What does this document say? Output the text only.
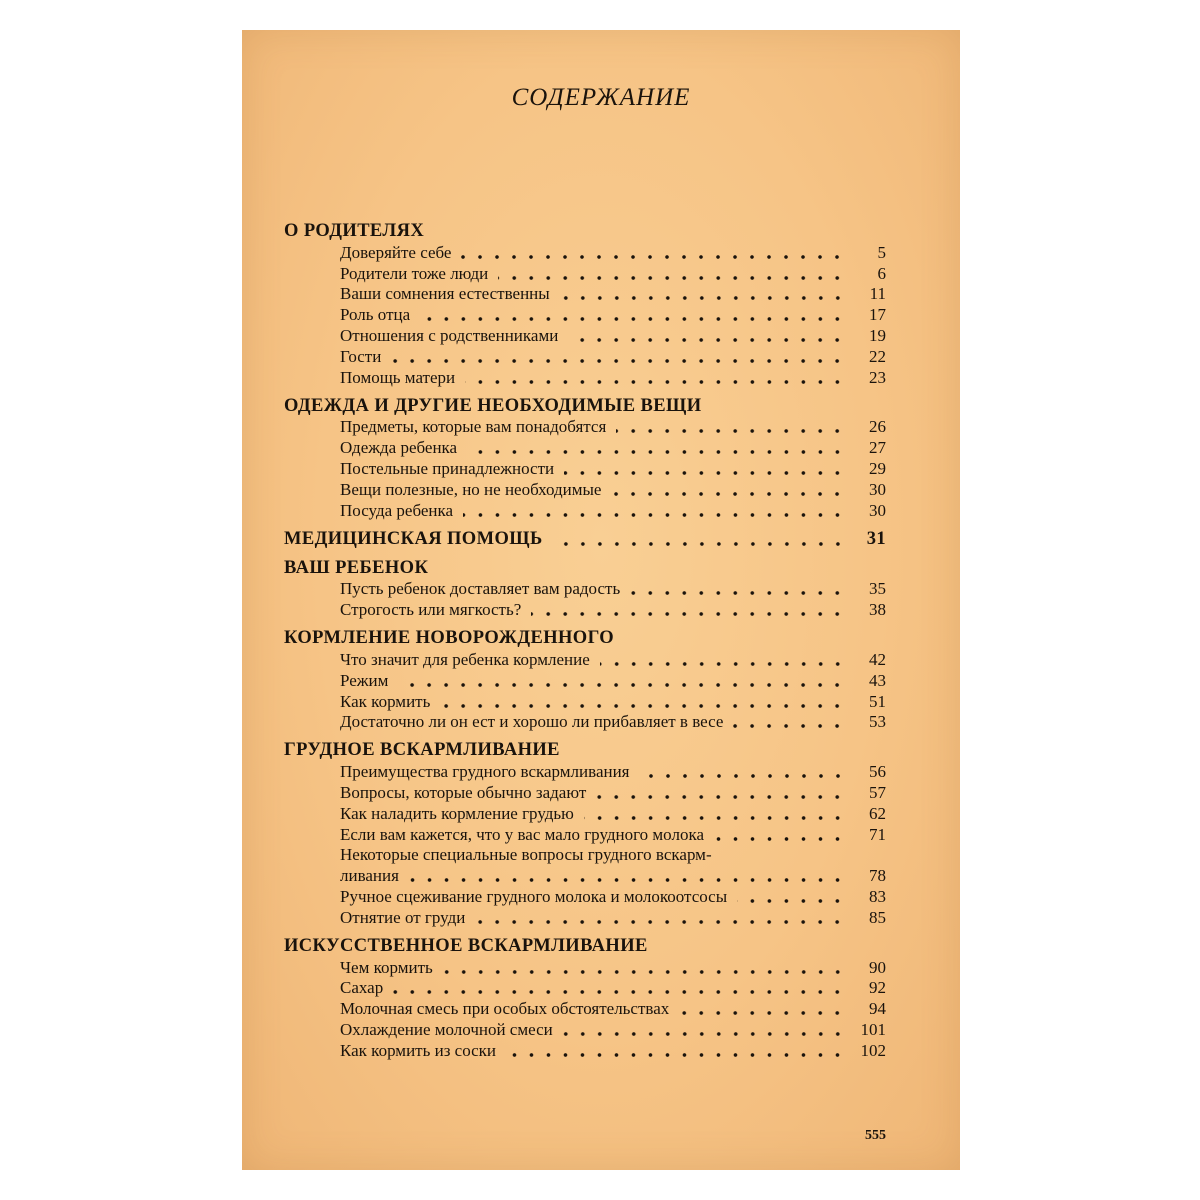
СОДЕРЖАНИЕ
О РОДИТЕЛЯХ
Доверяйте себе	5
Родители тоже люди	6
Ваши сомнения естественны	11
Роль отца	17
Отношения с родственниками	19
Гости	22
Помощь матери	23
ОДЕЖДА И ДРУГИЕ НЕОБХОДИМЫЕ ВЕЩИ
Предметы, которые вам понадобятся	26
Одежда ребенка	27
Постельные принадлежности	29
Вещи полезные, но не необходимые	30
Посуда ребенка	30
МЕДИЦИНСКАЯ ПОМОЩЬ	31
ВАШ РЕБЕНОК
Пусть ребенок доставляет вам радость	35
Строгость или мягкость?	38
КОРМЛЕНИЕ НОВОРОЖДЕННОГО
Что значит для ребенка кормление	42
Режим	43
Как кормить	51
Достаточно ли он ест и хорошо ли прибавляет в весе	53
ГРУДНОЕ ВСКАРМЛИВАНИЕ
Преимущества грудного вскармливания	56
Вопросы, которые обычно задают	57
Как наладить кормление грудью	62
Если вам кажется, что у вас мало грудного молока	71
Некоторые специальные вопросы грудного вскарм-
ливания	78
Ручное сцеживание грудного молока и молокоотсосы	83
Отнятие от груди	85
ИСКУССТВЕННОЕ ВСКАРМЛИВАНИЕ
Чем кормить	90
Сахар	92
Молочная смесь при особых обстоятельствах	94
Охлаждение молочной смеси	101
Как кормить из соски	102
555
